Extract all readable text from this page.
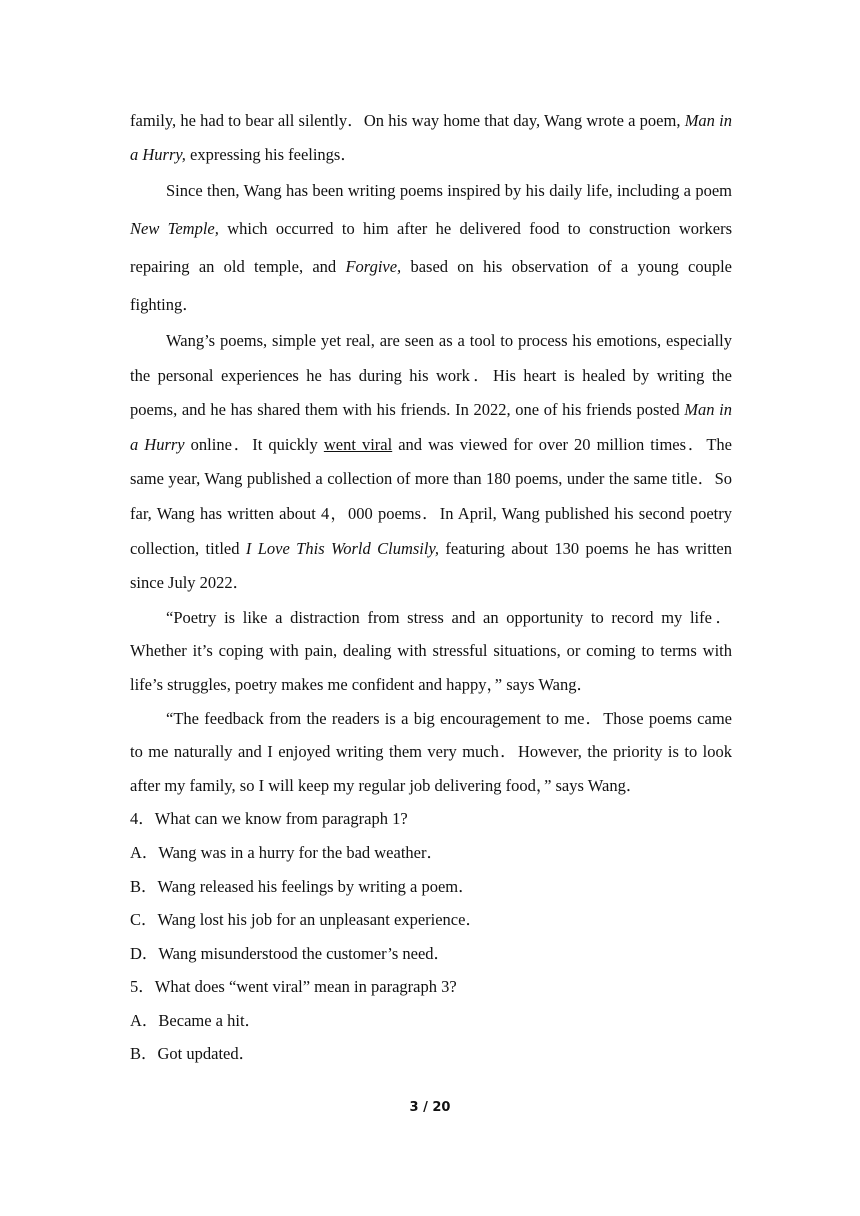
family, he had to bear all silently．On his way home that day, Wang wrote a poem, Man in a Hurry, expressing his feelings．

Since then, Wang has been writing poems inspired by his daily life, including a poem New Temple, which occurred to him after he delivered food to construction workers repairing an old temple, and Forgive, based on his observation of a young couple fighting．

Wang’s poems, simple yet real, are seen as a tool to process his emotions, especially the personal experiences he has during his work．His heart is healed by writing the poems, and he has shared them with his friends. In 2022, one of his friends posted Man in a Hurry online．It quickly went viral and was viewed for over 20 million times．The same year, Wang published a collection of more than 180 poems, under the same title．So far, Wang has written about 4，000 poems．In April, Wang published his second poetry collection, titled I Love This World Clumsily, featuring about 130 poems he has written since July 2022．

“Poetry is like a distraction from stress and an opportunity to record my life．Whether it’s coping with pain, dealing with stressful situations, or coming to terms with life’s struggles, poetry makes me confident and happy，” says Wang．

“The feedback from the readers is a big encouragement to me．Those poems came to me naturally and I enjoyed writing them very much．However, the priority is to look after my family, so I will keep my regular job delivering food，” says Wang．

4．What can we know from paragraph 1?

A．Wang was in a hurry for the bad weather．

B．Wang released his feelings by writing a poem．

C．Wang lost his job for an unpleasant experience．

D．Wang misunderstood the customer’s need．

5．What does “went viral” mean in paragraph 3?

A．Became a hit．

B．Got updated．

3 / 20
